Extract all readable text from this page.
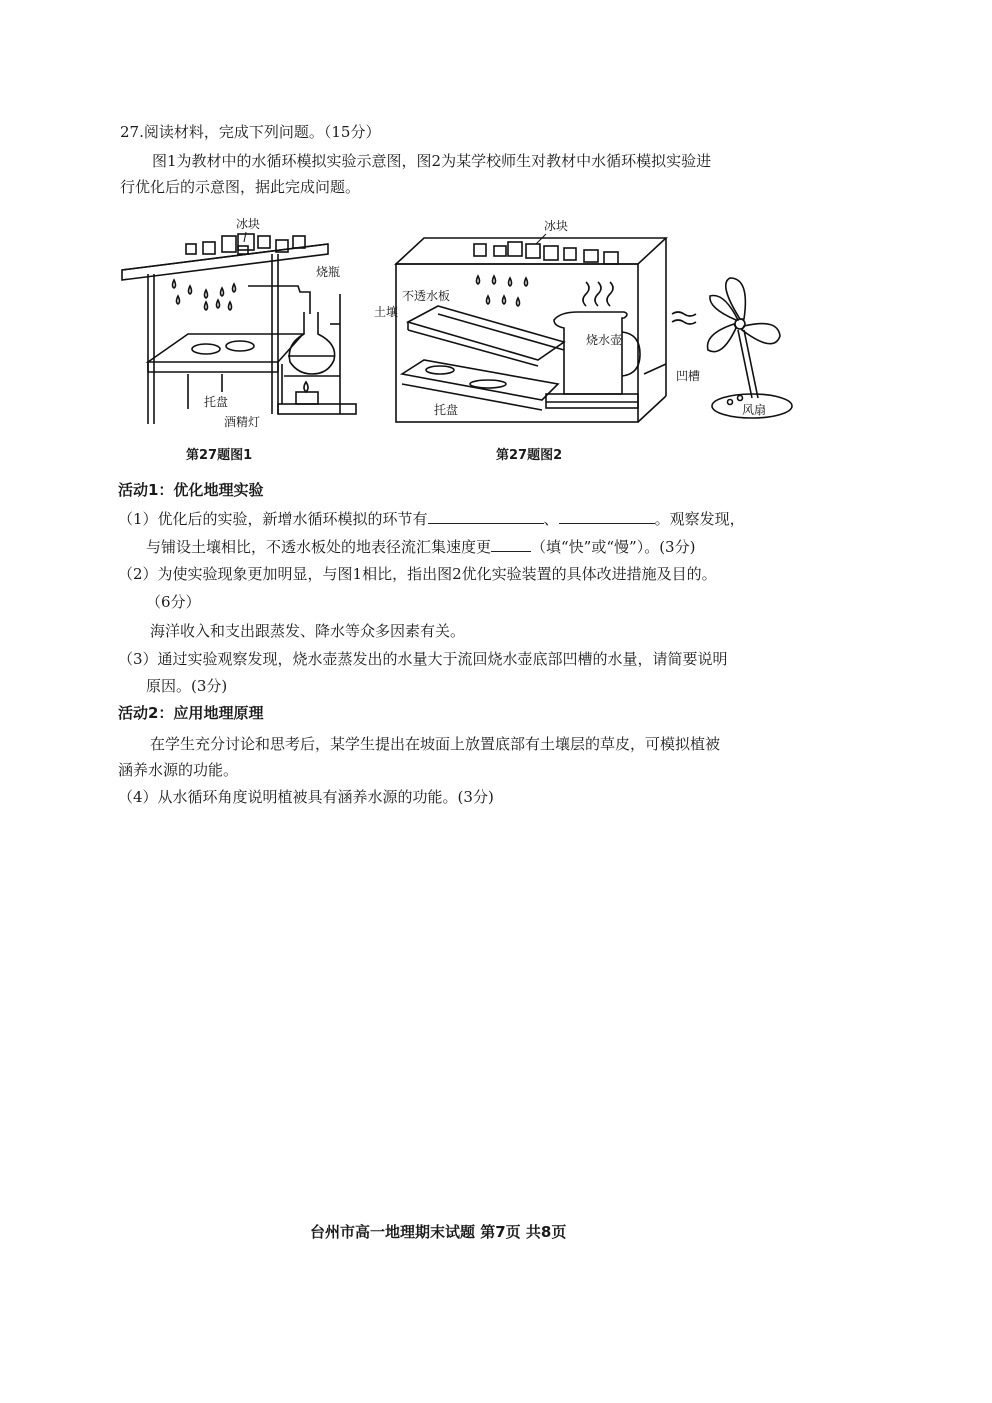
27.阅读材料，完成下列问题。（15分）
图1为教材中的水循环模拟实验示意图，图2为某学校师生对教材中水循环模拟实验进
行优化后的示意图，据此完成问题。
冰块
烧瓶
托盘
酒精灯
第27题图1
冰块
不透水板
土壤
烧水壶
凹槽
托盘	风扇
第27题图2
活动1：优化地理实验
（1）优化后的实验，新增水循环模拟的环节有	、	。观察发现，
与铺设土壤相比，不透水板处的地表径流汇集速度更	（填“快”或“慢”）。(3分)
（2）为使实验现象更加明显，与图1相比，指出图2优化实验装置的具体改进措施及目的。
（6分）
海洋收入和支出跟蒸发、降水等众多因素有关。
（3）通过实验观察发现，烧水壶蒸发出的水量大于流回烧水壶底部凹槽的水量，请简要说明
原因。(3分)
活动2：应用地理原理
在学生充分讨论和思考后，某学生提出在坡面上放置底部有土壤层的草皮，可模拟植被
涵养水源的功能。
（4）从水循环角度说明植被具有涵养水源的功能。(3分)
台州市高一地理期末试题 第7页 共8页
